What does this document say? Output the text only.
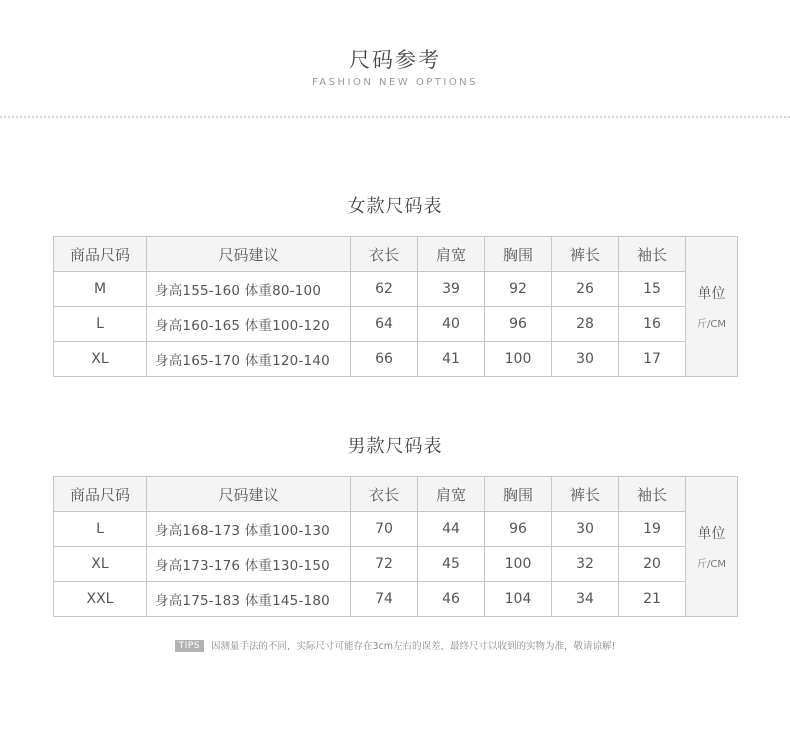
尺码参考
FASHION NEW OPTIONS
女款尺码表
商品尺码	尺码建议	衣长	肩宽	胸围	裤长	袖长	单位
斤/CM

M	身高155-160 体重80-100	62	39	92	26	15	
L	身高160-165 体重100-120	64	40	96	28	16	
XL	身高165-170 体重120-140	66	41	100	30	17	
男款尺码表
商品尺码	尺码建议	衣长	肩宽	胸围	裤长	袖长	单位
斤/CM

L	身高168-173 体重100-130	70	44	96	30	19	
XL	身高173-176 体重130-150	72	45	100	32	20	
XXL	身高175-183 体重145-180	74	46	104	34	21	
TIPS 因测量手法的不同，实际尺寸可能存在3cm左右的误差，最终尺寸以收到的实物为准，敬请谅解!
